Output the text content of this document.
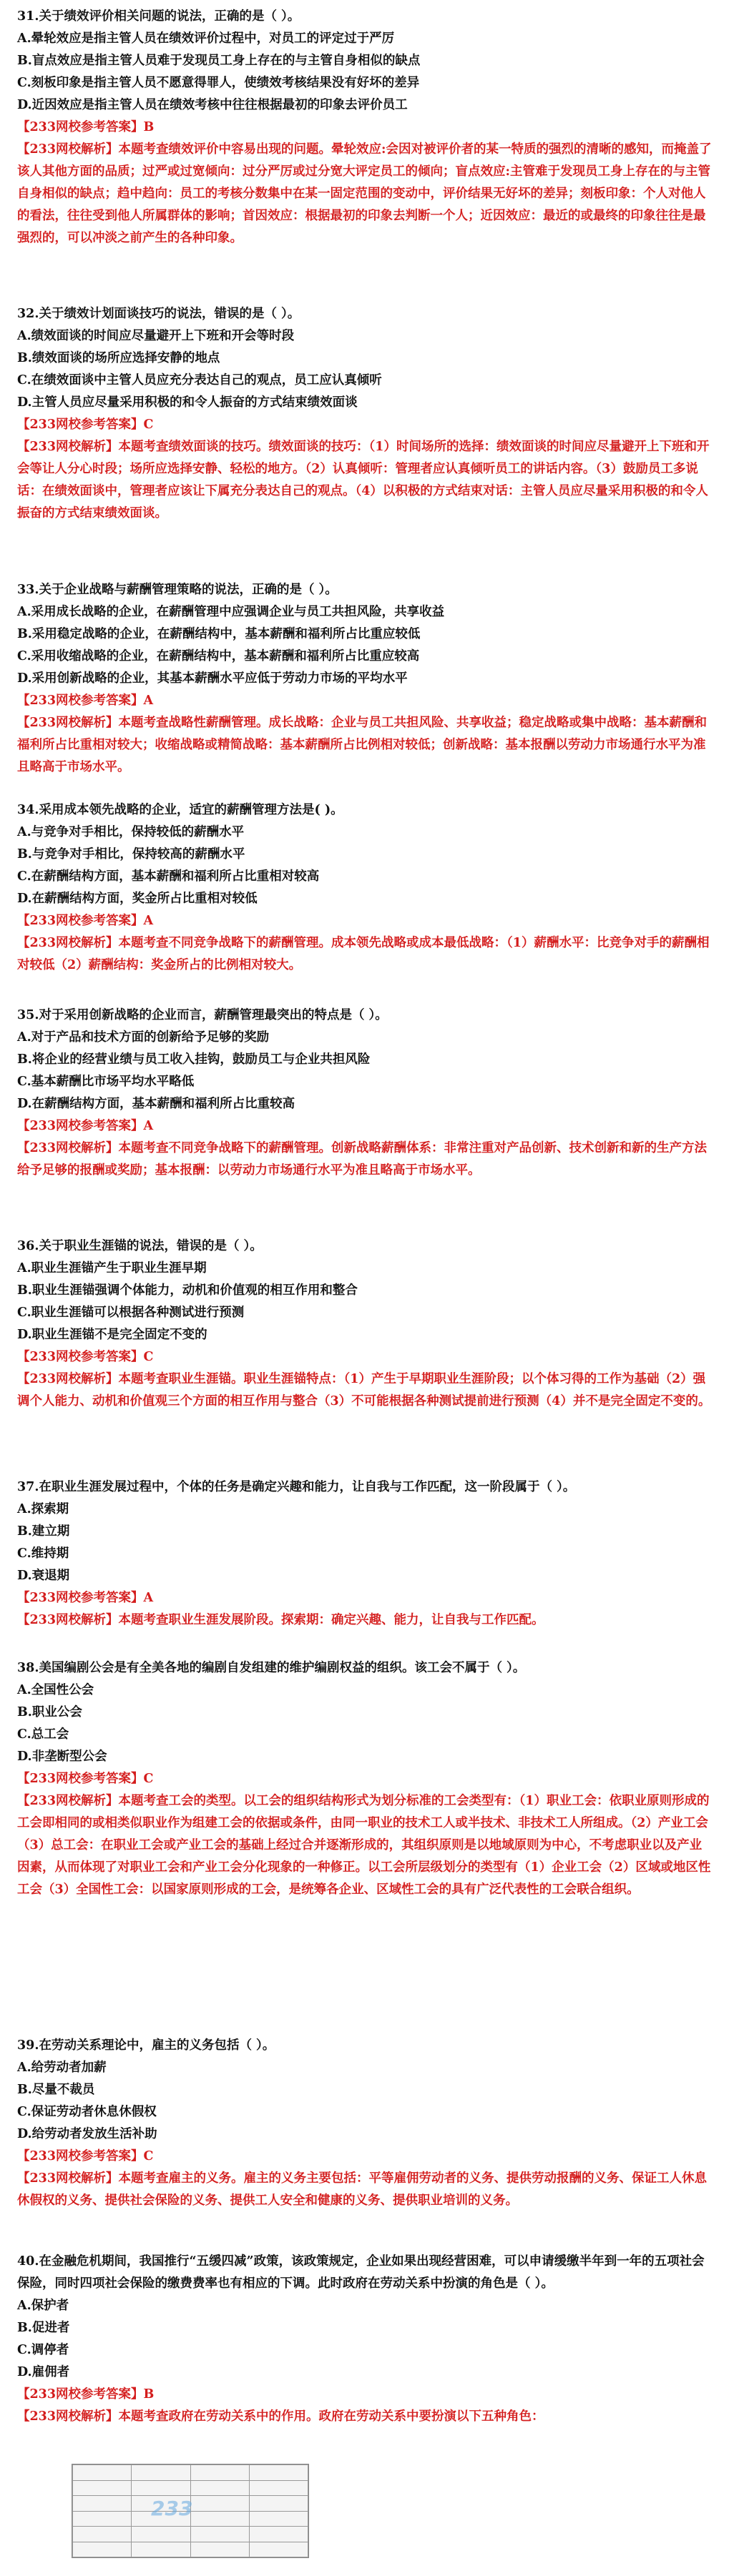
31.关于绩效评价相关问题的说法，正确的是（ ）。
A.晕轮效应是指主管人员在绩效评价过程中，对员工的评定过于严厉
B.盲点效应是指主管人员难于发现员工身上存在的与主管自身相似的缺点
C.刻板印象是指主管人员不愿意得罪人，使绩效考核结果没有好坏的差异
D.近因效应是指主管人员在绩效考核中往往根据最初的印象去评价员工
【233网校参考答案】B
【233网校解析】本题考查绩效评价中容易出现的问题。晕轮效应:会因对被评价者的某一特质的强烈的清晰的感知，而掩盖了该人其他方面的品质；过严或过宽倾向：过分严厉或过分宽大评定员工的倾向；盲点效应:主管难于发现员工身上存在的与主管自身相似的缺点；趋中趋向：员工的考核分数集中在某一固定范围的变动中，评价结果无好坏的差异；刻板印象：个人对他人的看法，往往受到他人所属群体的影响；首因效应：根据最初的印象去判断一个人；近因效应：最近的或最终的印象往往是最强烈的，可以冲淡之前产生的各种印象。
32.关于绩效计划面谈技巧的说法，错误的是（ ）。
A.绩效面谈的时间应尽量避开上下班和开会等时段
B.绩效面谈的场所应选择安静的地点
C.在绩效面谈中主管人员应充分表达自己的观点，员工应认真倾听
D.主管人员应尽量采用积极的和令人振奋的方式结束绩效面谈
【233网校参考答案】C
【233网校解析】本题考查绩效面谈的技巧。绩效面谈的技巧：（1）时间场所的选择：绩效面谈的时间应尽量避开上下班和开会等让人分心时段；场所应选择安静、轻松的地方。（2）认真倾听：管理者应认真倾听员工的讲话内容。（3）鼓励员工多说话：在绩效面谈中，管理者应该让下属充分表达自己的观点。（4）以积极的方式结束对话：主管人员应尽量采用积极的和令人振奋的方式结束绩效面谈。
33.关于企业战略与薪酬管理策略的说法，正确的是（ ）。
A.采用成长战略的企业，在薪酬管理中应强调企业与员工共担风险，共享收益
B.采用稳定战略的企业，在薪酬结构中，基本薪酬和福利所占比重应较低
C.采用收缩战略的企业，在薪酬结构中，基本薪酬和福利所占比重应较高
D.采用创新战略的企业，其基本薪酬水平应低于劳动力市场的平均水平
【233网校参考答案】A
【233网校解析】本题考查战略性薪酬管理。成长战略：企业与员工共担风险、共享收益；稳定战略或集中战略：基本薪酬和福利所占比重相对较大；收缩战略或精简战略：基本薪酬所占比例相对较低；创新战略：基本报酬以劳动力市场通行水平为准且略高于市场水平。
34.采用成本领先战略的企业，适宜的薪酬管理方法是( )。
A.与竞争对手相比，保持较低的薪酬水平
B.与竞争对手相比，保持较高的薪酬水平
C.在薪酬结构方面，基本薪酬和福利所占比重相对较高
D.在薪酬结构方面，奖金所占比重相对较低
【233网校参考答案】A
【233网校解析】本题考查不同竞争战略下的薪酬管理。成本领先战略或成本最低战略：（1）薪酬水平：比竞争对手的薪酬相对较低（2）薪酬结构：奖金所占的比例相对较大。
35.对于采用创新战略的企业而言，薪酬管理最突出的特点是（ ）。
A.对于产品和技术方面的创新给予足够的奖励
B.将企业的经营业绩与员工收入挂钩，鼓励员工与企业共担风险
C.基本薪酬比市场平均水平略低
D.在薪酬结构方面，基本薪酬和福利所占比重较高
【233网校参考答案】A
【233网校解析】本题考查不同竞争战略下的薪酬管理。创新战略薪酬体系：非常注重对产品创新、技术创新和新的生产方法给予足够的报酬或奖励；基本报酬：以劳动力市场通行水平为准且略高于市场水平。
36.关于职业生涯锚的说法，错误的是（ ）。
A.职业生涯锚产生于职业生涯早期
B.职业生涯锚强调个体能力，动机和价值观的相互作用和整合
C.职业生涯锚可以根据各种测试进行预测
D.职业生涯锚不是完全固定不变的
【233网校参考答案】C
【233网校解析】本题考查职业生涯锚。职业生涯锚特点：（1）产生于早期职业生涯阶段；以个体习得的工作为基础（2）强调个人能力、动机和价值观三个方面的相互作用与整合（3）不可能根据各种测试提前进行预测（4）并不是完全固定不变的。
37.在职业生涯发展过程中，个体的任务是确定兴趣和能力，让自我与工作匹配，这一阶段属于（ ）。
A.探索期
B.建立期
C.维持期
D.衰退期
【233网校参考答案】A
【233网校解析】本题考查职业生涯发展阶段。探索期：确定兴趣、能力，让自我与工作匹配。
38.美国编剧公会是有全美各地的编剧自发组建的维护编剧权益的组织。该工会不属于（ ）。
A.全国性公会
B.职业公会
C.总工会
D.非垄断型公会
【233网校参考答案】C
【233网校解析】本题考查工会的类型。以工会的组织结构形式为划分标准的工会类型有：（1）职业工会：依职业原则形成的工会即相同的或相类似职业作为组建工会的依据或条件，由同一职业的技术工人或半技术、非技术工人所组成。（2）产业工会（3）总工会：在职业工会或产业工会的基础上经过合并逐渐形成的，其组织原则是以地域原则为中心，不考虑职业以及产业因素，从而体现了对职业工会和产业工会分化现象的一种修正。以工会所层级划分的类型有（1）企业工会（2）区域或地区性工会（3）全国性工会：以国家原则形成的工会，是统筹各企业、区域性工会的具有广泛代表性的工会联合组织。
39.在劳动关系理论中，雇主的义务包括（ ）。
A.给劳动者加薪
B.尽量不裁员
C.保证劳动者休息休假权
D.给劳动者发放生活补助
【233网校参考答案】C
【233网校解析】本题考查雇主的义务。雇主的义务主要包括：平等雇佣劳动者的义务、提供劳动报酬的义务、保证工人休息休假权的义务、提供社会保险的义务、提供工人安全和健康的义务、提供职业培训的义务。
40.在金融危机期间，我国推行“五缓四减”政策，该政策规定，企业如果出现经营困难，可以申请缓缴半年到一年的五项社会保险，同时四项社会保险的缴费费率也有相应的下调。此时政府在劳动关系中扮演的角色是（ ）。
A.保护者
B.促进者
C.调停者
D.雇佣者
【233网校参考答案】B
【233网校解析】本题考查政府在劳动关系中的作用。政府在劳动关系中要扮演以下五种角色：

233
